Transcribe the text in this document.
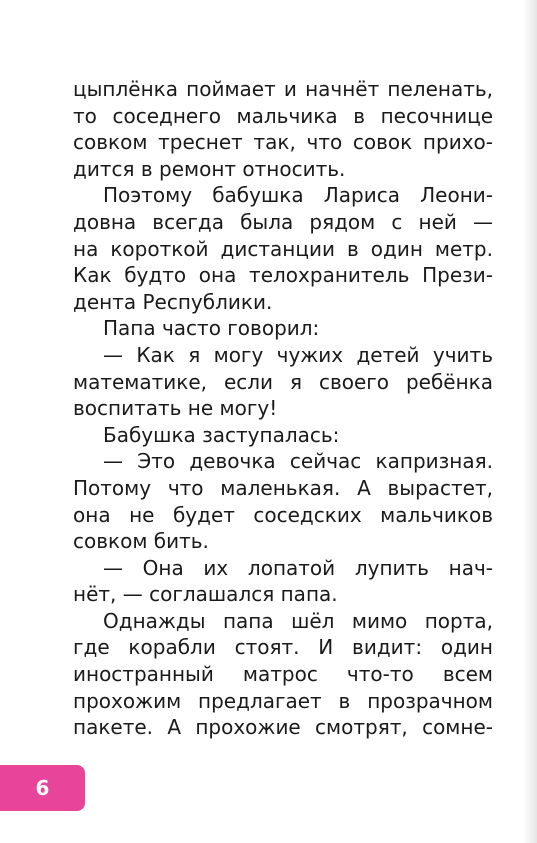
цыплёнка поймает и начнёт пеленать,
то соседнего мальчика в песочнице
совком треснет так, что совок прихо-
дится в ремонт относить.
Поэтому бабушка Лариса Леони-
довна всегда была рядом с ней —
на короткой дистанции в один метр.
Как будто она телохранитель Прези-
дента Республики.
Папа часто говорил:
— Как я могу чужих детей учить
математике, если я своего ребёнка
воспитать не могу!
Бабушка заступалась:
— Это девочка сейчас капризная.
Потому что маленькая. А вырастет,
она не будет соседских мальчиков
совком бить.
— Она их лопатой лупить нач-
нёт, — соглашался папа.
Однажды папа шёл мимо порта,
где корабли стоят. И видит: один
иностранный матрос что-то всем
прохожим предлагает в прозрачном
пакете. А прохожие смотрят, сомне-
6
